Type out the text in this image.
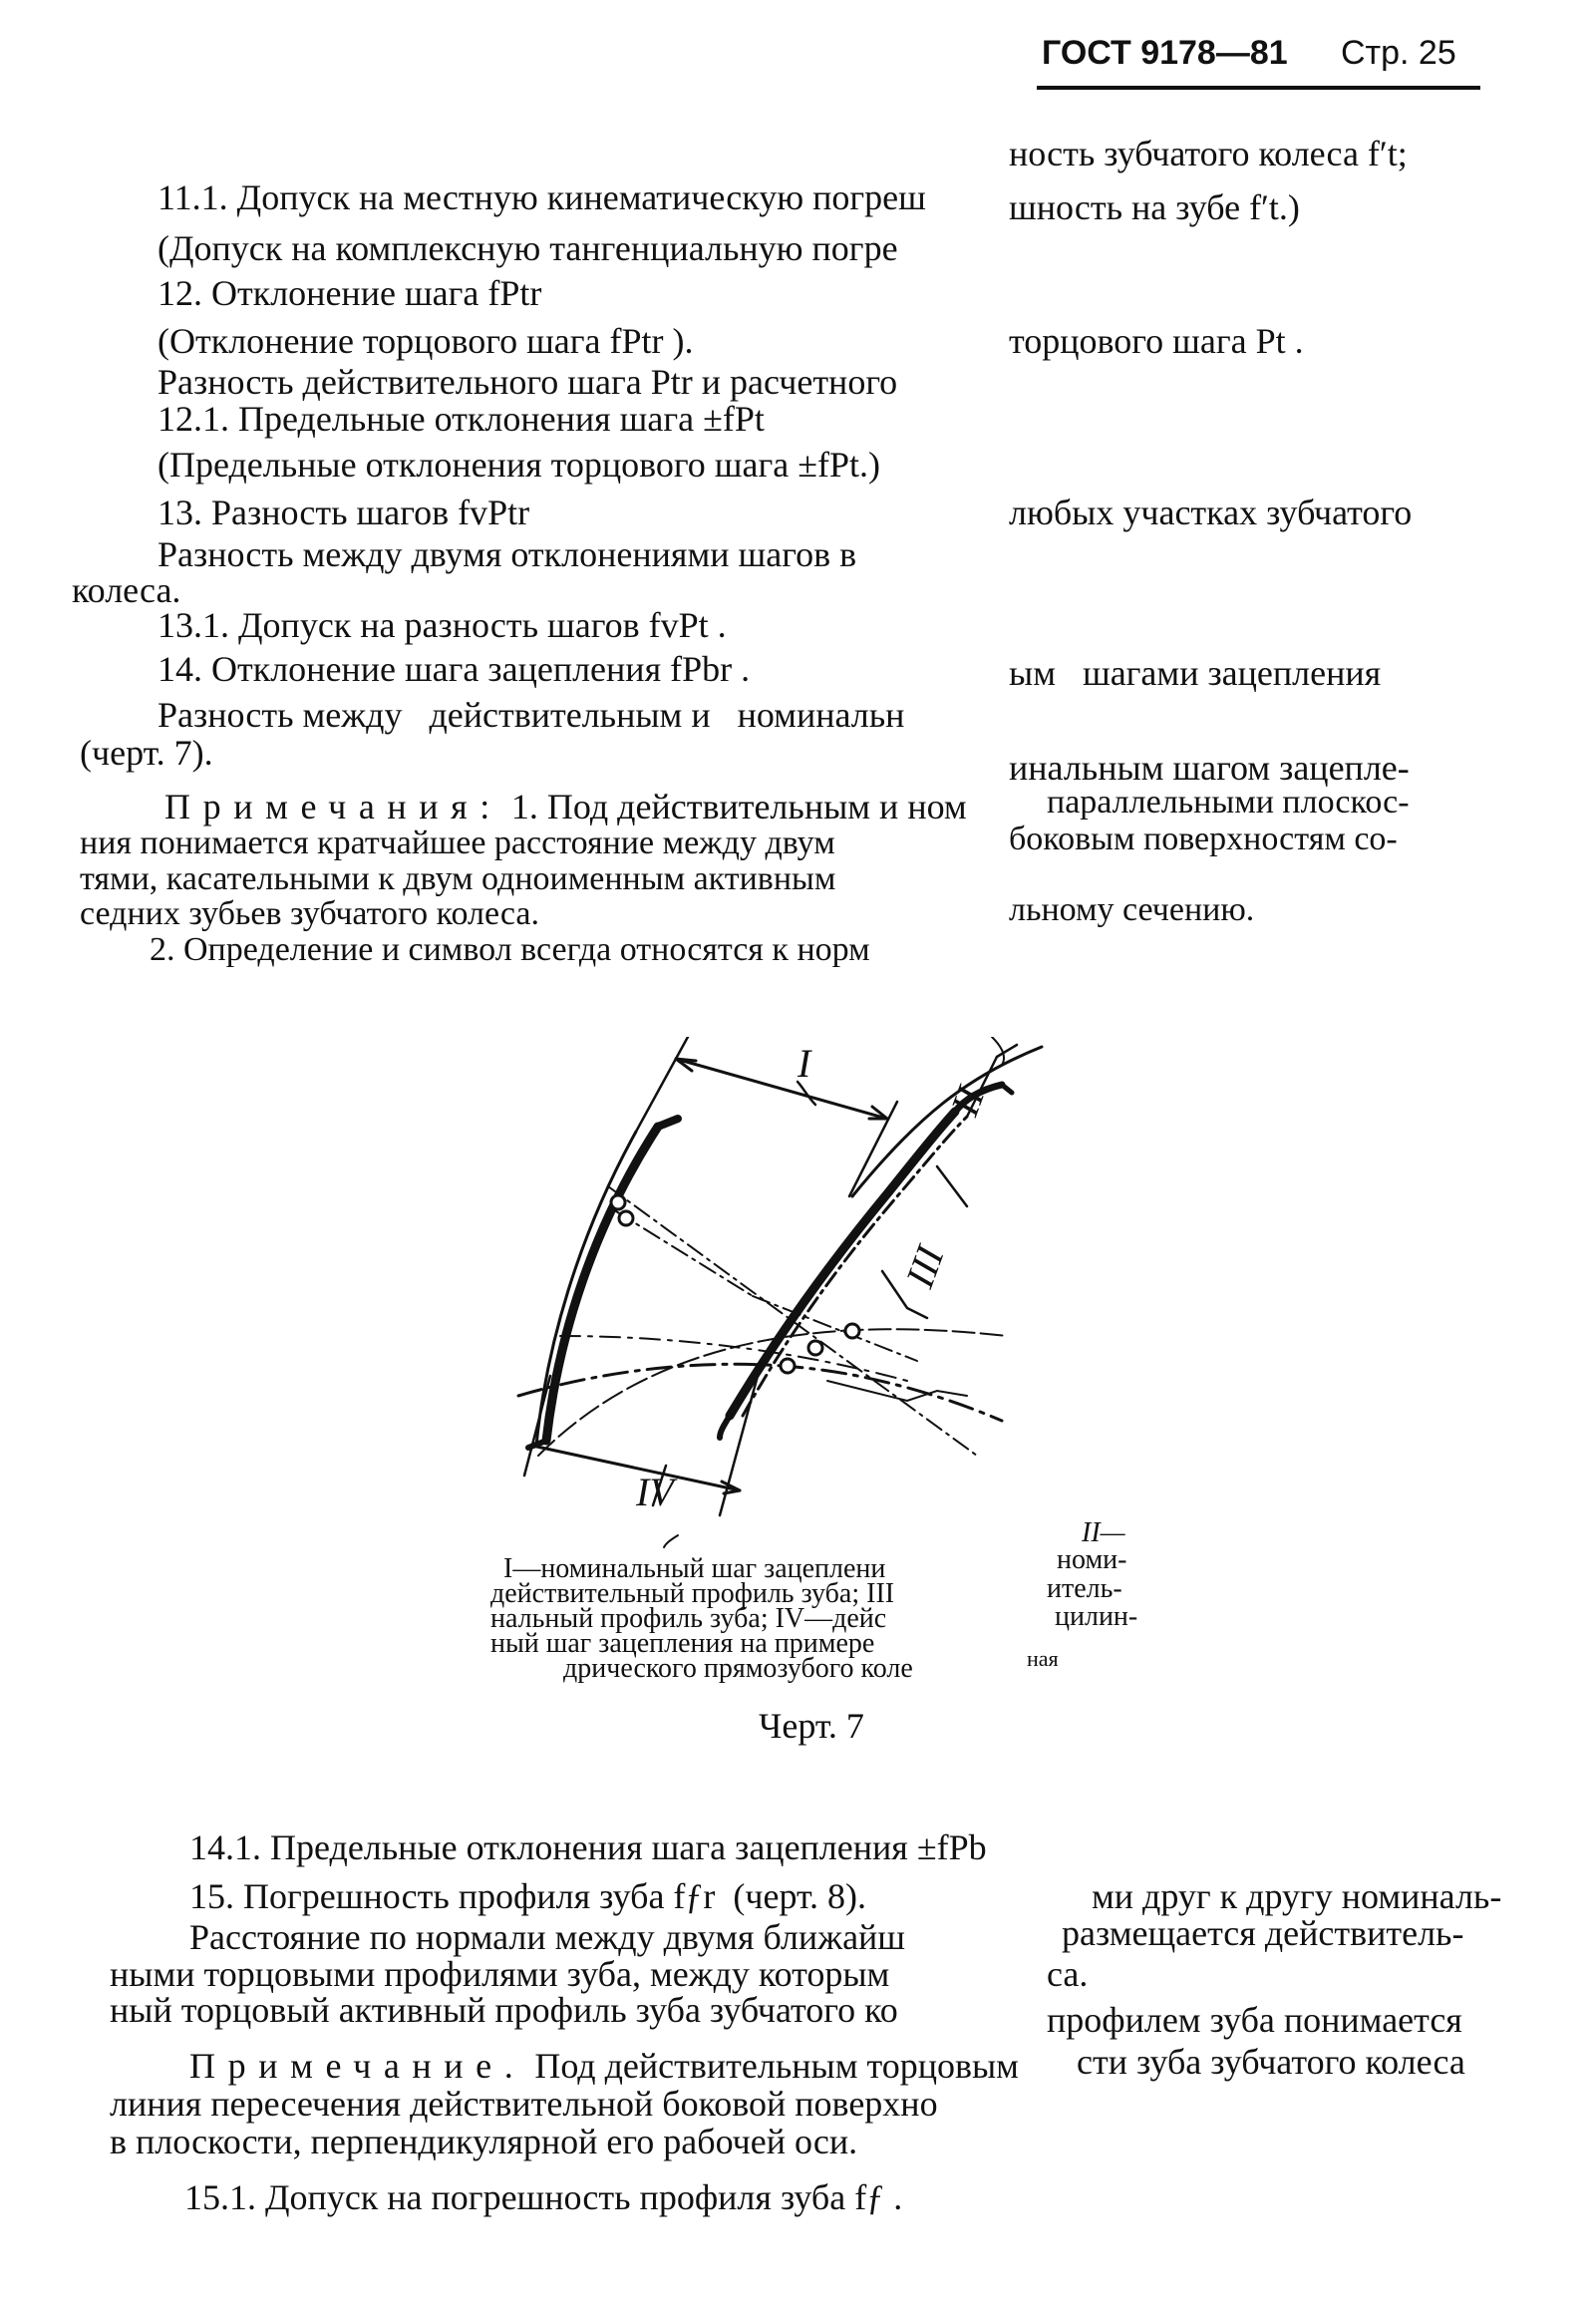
ГОСТ 9178—81 Стр. 25
ность зубчатого колеса f′t;
11.1. Допуск на местную кинематическую погреш шность на зубе f′t.)
(Допуск на комплексную тангенциальную погре
12. Отклонение шага fPtr
(Отклонение торцового шага fPtr ).	торцового шага Pt .
Разность действительного шага Ptr и расчетного
12.1. Предельные отклонения шага ±fPt
(Предельные отклонения торцового шага ±fPt.)
13. Разность шагов fvPtr	любых участках зубчатого
Разность между двумя отклонениями шагов в
колеса.
13.1. Допуск на разность шагов fvPt .
14. Отклонение шага зацепления fPbr .	ым   шагами зацепления
Разность между   действительным и   номинальн
(черт. 7).	инальным шагом зацепле-
Примечания: 1. Под действительным и ном параллельными плоскос-
ния понимается кратчайшее расстояние между двум	боковым поверхностям со-
тями, касательными к двум одноименным активным
седних зубьев зубчатого колеса.	льному сечению.
2. Определение и символ всегда относятся к норм
I
II
III
IV
I—номинальный шаг зацеплени
действительный профиль зуба; III
нальный профиль зуба; IV—дейс
ный шаг зацепления на примере
дрического прямозубого коле
II—
номи-
итель-
цилин-
ная
Черт. 7
14.1. Предельные отклонения шага зацепления ±fPb
15. Погрешность профиля зуба fƒr  (черт. 8).	ми друг к другу номиналь-
Расстояние по нормали между двумя ближайш	размещается действитель-
ными торцовыми профилями зуба, между которым	са.
ный торцовый активный профиль зуба зубчатого ко	профилем зуба понимается
Примечание. Под действительным торцовым сти зуба зубчатого колеса
линия пересечения действительной боковой поверхно
в плоскости, перпендикулярной его рабочей оси.
15.1. Допуск на погрешность профиля зуба fƒ .
